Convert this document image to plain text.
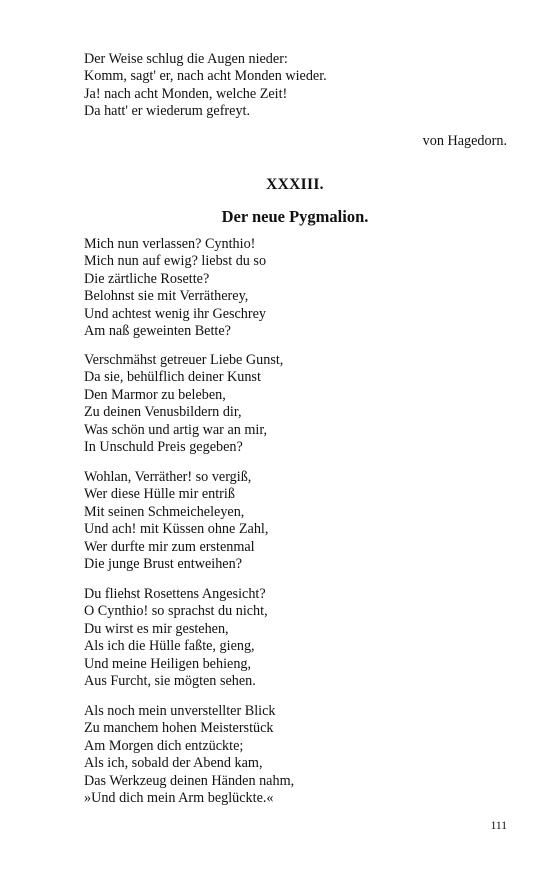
Der Weise schlug die Augen nieder:
Komm, sagt' er, nach acht Monden wieder.
Ja! nach acht Monden, welche Zeit!
Da hatt' er wiederum gefreyt.
von Hagedorn.
XXXIII.
Der neue Pygmalion.
Mich nun verlassen? Cynthio!
Mich nun auf ewig? liebst du so
Die zärtliche Rosette?
Belohnst sie mit Verrätherey,
Und achtest wenig ihr Geschrey
Am naß geweinten Bette?
Verschmähst getreuer Liebe Gunst,
Da sie, behülflich deiner Kunst
Den Marmor zu beleben,
Zu deinen Venusbildern dir,
Was schön und artig war an mir,
In Unschuld Preis gegeben?
Wohlan, Verräther! so vergiß,
Wer diese Hülle mir entriß
Mit seinen Schmeicheleyen,
Und ach! mit Küssen ohne Zahl,
Wer durfte mir zum erstenmal
Die junge Brust entweihen?
Du fliehst Rosettens Angesicht?
O Cynthio! so sprachst du nicht,
Du wirst es mir gestehen,
Als ich die Hülle faßte, gieng,
Und meine Heiligen behieng,
Aus Furcht, sie mögten sehen.
Als noch mein unverstellter Blick
Zu manchem hohen Meisterstück
Am Morgen dich entzückte;
Als ich, sobald der Abend kam,
Das Werkzeug deinen Händen nahm,
»Und dich mein Arm beglückte.«
111
